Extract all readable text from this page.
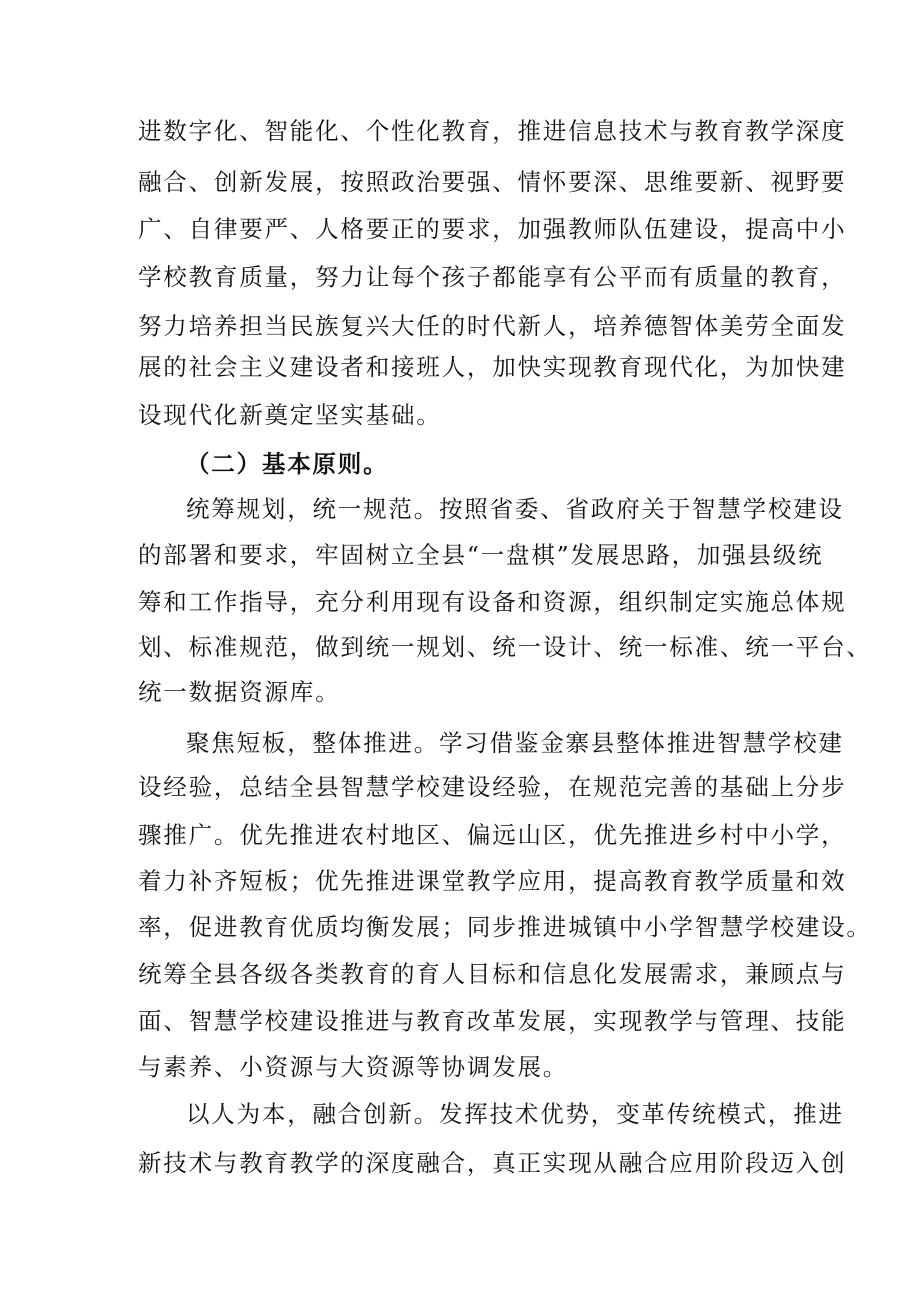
进数字化、智能化、个性化教育，推进信息技术与教育教学深度
融合、创新发展，按照政治要强、情怀要深、思维要新、视野要
广、自律要严、人格要正的要求，加强教师队伍建设，提高中小
学校教育质量，努力让每个孩子都能享有公平而有质量的教育，
努力培养担当民族复兴大任的时代新人，培养德智体美劳全面发
展的社会主义建设者和接班人，加快实现教育现代化，为加快建
设现代化新奠定坚实基础。
（二）基本原则。
统筹规划，统一规范。按照省委、省政府关于智慧学校建设
的部署和要求，牢固树立全县“一盘棋”发展思路，加强县级统
筹和工作指导，充分利用现有设备和资源，组织制定实施总体规
划、标准规范，做到统一规划、统一设计、统一标准、统一平台、
统一数据资源库。
聚焦短板，整体推进。学习借鉴金寨县整体推进智慧学校建
设经验，总结全县智慧学校建设经验，在规范完善的基础上分步
骤推广。优先推进农村地区、偏远山区，优先推进乡村中小学，
着力补齐短板；优先推进课堂教学应用，提高教育教学质量和效
率，促进教育优质均衡发展；同步推进城镇中小学智慧学校建设。
统筹全县各级各类教育的育人目标和信息化发展需求，兼顾点与
面、智慧学校建设推进与教育改革发展，实现教学与管理、技能
与素养、小资源与大资源等协调发展。
以人为本，融合创新。发挥技术优势，变革传统模式，推进
新技术与教育教学的深度融合，真正实现从融合应用阶段迈入创
